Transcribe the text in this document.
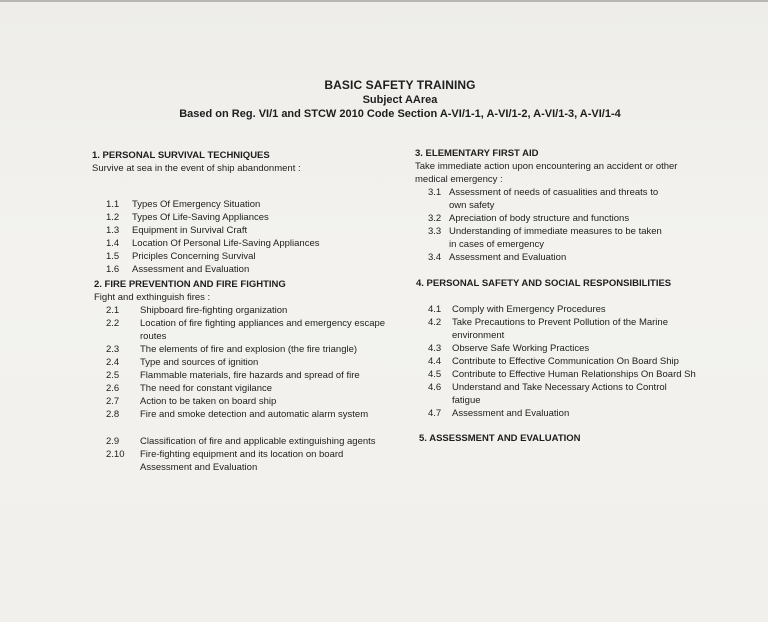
BASIC SAFETY TRAINING
Subject AArea
Based on Reg. VI/1 and STCW 2010 Code Section A-VI/1-1, A-VI/1-2, A-VI/1-3, A-VI/1-4
1. PERSONAL SURVIVAL TECHNIQUES
Survive at sea in the event of ship abandonment :
1.1	Types Of Emergency Situation
1.2	Types Of Life-Saving Appliances
1.3	Equipment in Survival Craft
1.4	Location Of Personal Life-Saving Appliances
1.5	Priciples Concerning Survival
1.6	Assessment and Evaluation
2. FIRE PREVENTION AND FIRE FIGHTING
Fight and exthinguish fires :
2.1	Shipboard fire-fighting organization
2.2	Location of fire fighting appliances and emergency escape
routes
2.3	The elements of fire and explosion (the fire triangle)
2.4	Type and sources of ignition
2.5	Flammable materials, fire hazards and spread of fire
2.6	The need for constant vigilance
2.7	Action to be taken on board ship
2.8	Fire and smoke detection and automatic alarm system
2.9	Classification of fire and applicable extinguishing agents
2.10	Fire-fighting equipment and its location on board
Assessment and Evaluation
3. ELEMENTARY FIRST AID
Take immediate action upon encountering an accident or other
medical emergency :
3.1 Assessment of needs of casualities and threats to
own safety
3.2 Apreciation of body structure and functions
3.3 Understanding of immediate measures to be taken
in cases of emergency
3.4 Assessment and Evaluation
4. PERSONAL SAFETY AND SOCIAL RESPONSIBILITIES
4.1	Comply with Emergency Procedures
4.2	Take Precautions to Prevent Pollution of the Marine
environment
4.3	Observe Safe Working Practices
4.4	Contribute to Effective Communication On Board Ship
4.5	Contribute to Effective Human Relationships On Board Sh
4.6	Understand and Take Necessary Actions to Control
fatigue
4.7	Assessment and Evaluation
5. ASSESSMENT AND EVALUATION
